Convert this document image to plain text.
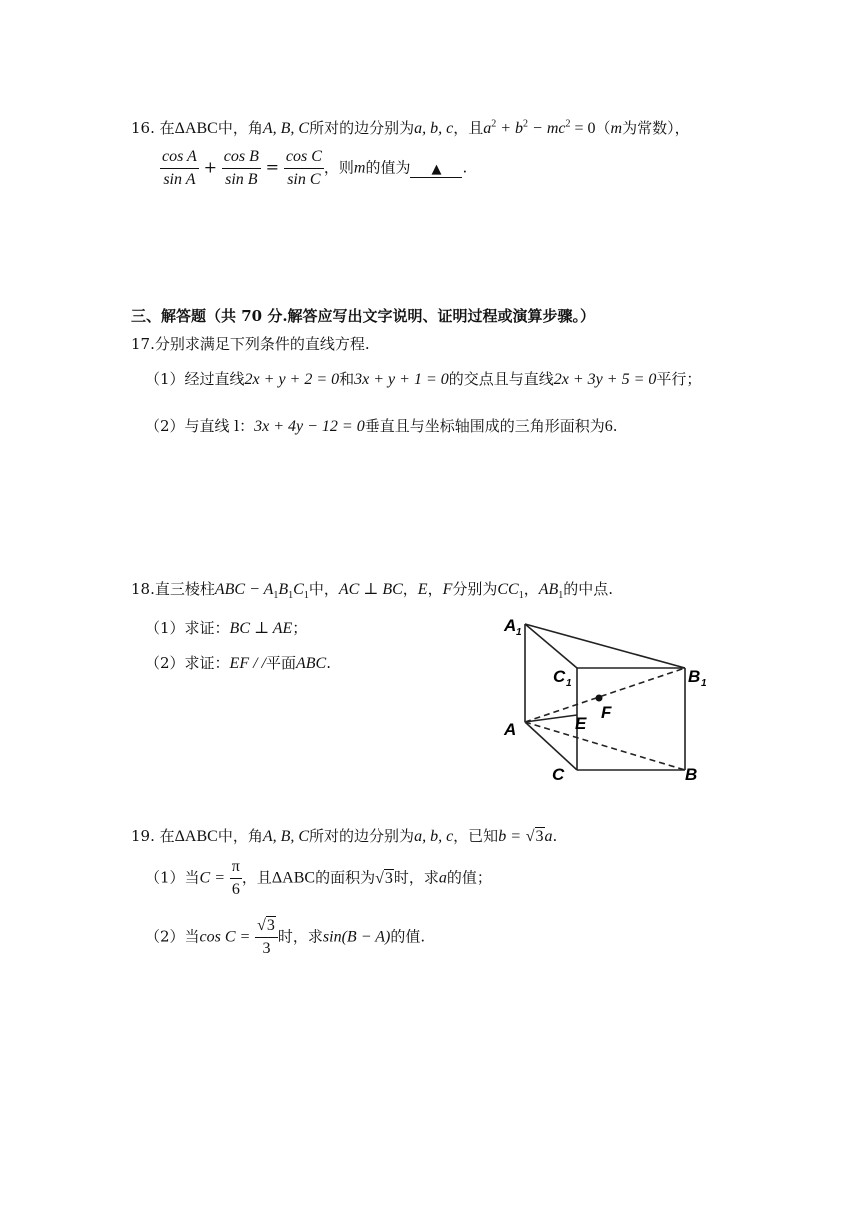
16. 在ΔABC中，角A, B, C所对的边分别为a, b, c，且$a^2 + b^2 - mc^2 = 0(m$为常数），
$\frac{\text{cos A}}{\text{sin A}} + \frac{\text{cos B}}{\text{sin B}} = \frac{\text{cos C}}{\text{sin C}}$ ，则m的值为 ▲ .
三、解答题（共 70 分.解答应写出文字说明、证明过程或演算步骤。）
17.分别求满足下列条件的直线方程.
（1）经过直线2x + y + 2 = 0和3x + y + 1 = 0的交点且与直线2x + 3y + 5 = 0平行；
（2）与直线 l：3x + 4y − 12 = 0垂直且与坐标轴围成的三角形面积为6.
18.直三棱柱ABC − $A_1B_1C_1$中，AC ⊥ BC，E，F分别为$CC_1$，$AB_1$的中点.
（1）求证：BC ⊥ AE；
（2）求证：EF / /平面ABC.
A 1
C 1	B 1
A	E
F
C	B
19. 在ΔABC中，角A, B, C所对的边分别为a, b, c，已知b = √3a.
（1）当$C = \frac{\pi}{6}$ ，且ΔABC的面积为√3时，求a的值；
（2）当$\cos C = \frac{√3}{3}$ 时，求sin(B − A)的值.
